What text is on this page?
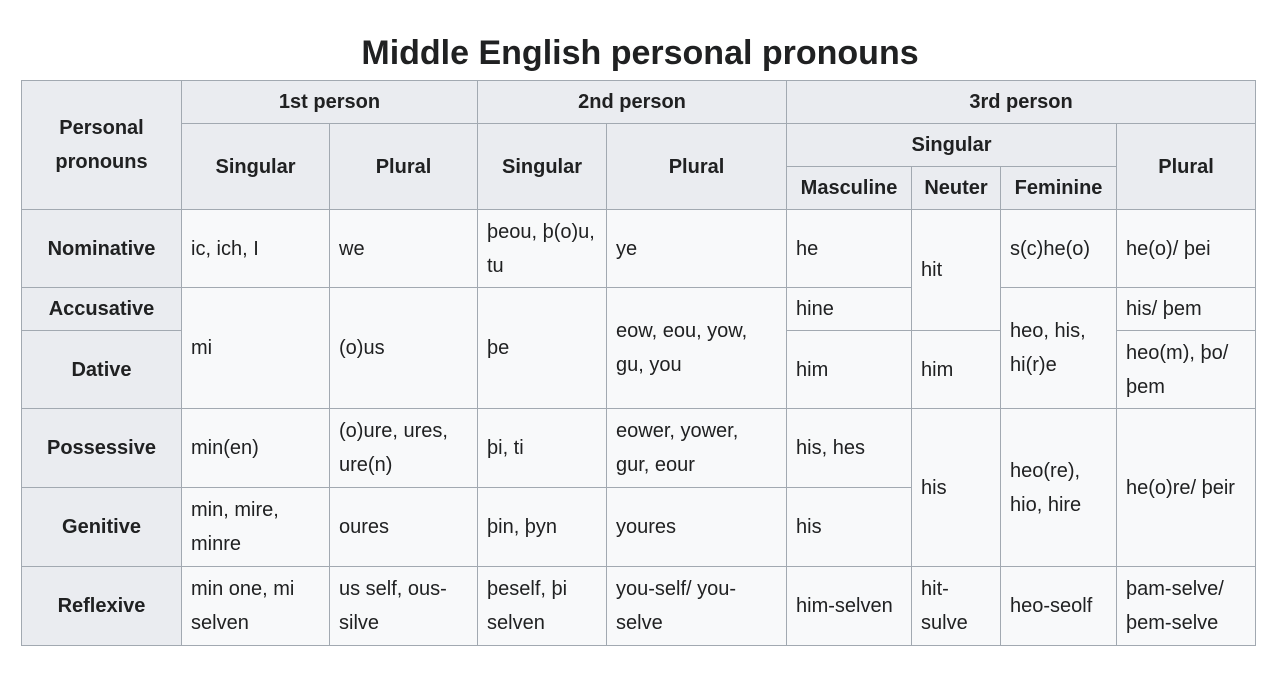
Middle English personal pronouns
Personal pronouns	1st person		2nd person		3rd person			
	Singular	Plural	Singular	Plural	Singular			Plural
					Masculine	Neuter	Feminine	
Nominative	ic, ich, I	we	þeou, þ(o)u, tu	ye	he	hit	s(c)he(o)	he(o)/ þei
Accusative	mi	(o)us	þe	eow, eou, yow, gu, you	hine		heo, his, hi(r)e	his/ þem
Dative					him	him		heo(m), þo/ þem
Possessive	min(en)	(o)ure, ures, ure(n)	þi, ti	eower, yower, gur, eour	his, hes	his	heo(re), hio, hire	he(o)re/ þeir
Genitive	min, mire, minre	oures	þin, þyn	youres	his			
Reflexive	min one, mi selven	us self, ous-silve	þeself, þi selven	you-self/ you-selve	him-selven	hit-sulve	heo-seolf	þam-selve/ þem-selve
